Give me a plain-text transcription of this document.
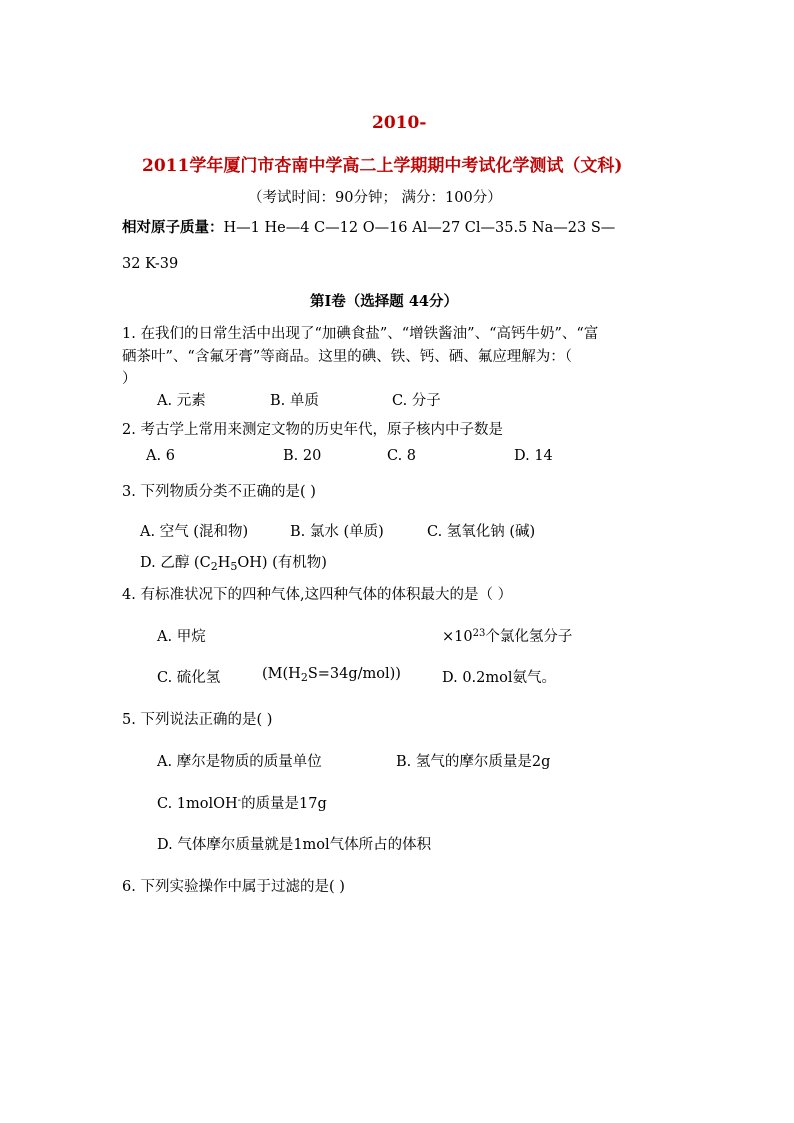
2010-
2011学年厦门市杏南中学高二上学期期中考试化学测试（文科)
（考试时间：90分钟； 满分：100分）
相对原子质量：H—1 He—4 C—12 O—16 Al—27 Cl—35.5 Na—23 S—
32 K-39
第Ⅰ卷（选择题 44分）
1. 在我们的日常生活中出现了“加碘食盐”、“增铁酱油”、“高钙牛奶”、“富
硒茶叶”、“含氟牙膏”等商品。这里的碘、铁、钙、硒、氟应理解为：（
）
A. 元素	B. 单质	C. 分子
2. 考古学上常用来测定文物的历史年代，原子核内中子数是
A. 6	B. 20	C. 8	D. 14
3. 下列物质分类不正确的是( )
A. 空气 (混和物)	B. 氯水 (单质)	C. 氢氧化钠 (碱)
D. 乙醇 $(C_2H_5OH)$ (有机物)
4. 有标准状况下的四种气体,这四种气体的体积最大的是（ ）
A. 甲烷	$\times 10^{23}$个氯化氢分子
C. 硫化氢	$(M(H_2S=34g/mol))$	D. 0.2mol氨气。
5. 下列说法正确的是( )
A. 摩尔是物质的质量单位	B. 氢气的摩尔质量是2g
C. 1molOH-的质量是17g
D. 气体摩尔质量就是1mol气体所占的体积
6. 下列实验操作中属于过滤的是( )
